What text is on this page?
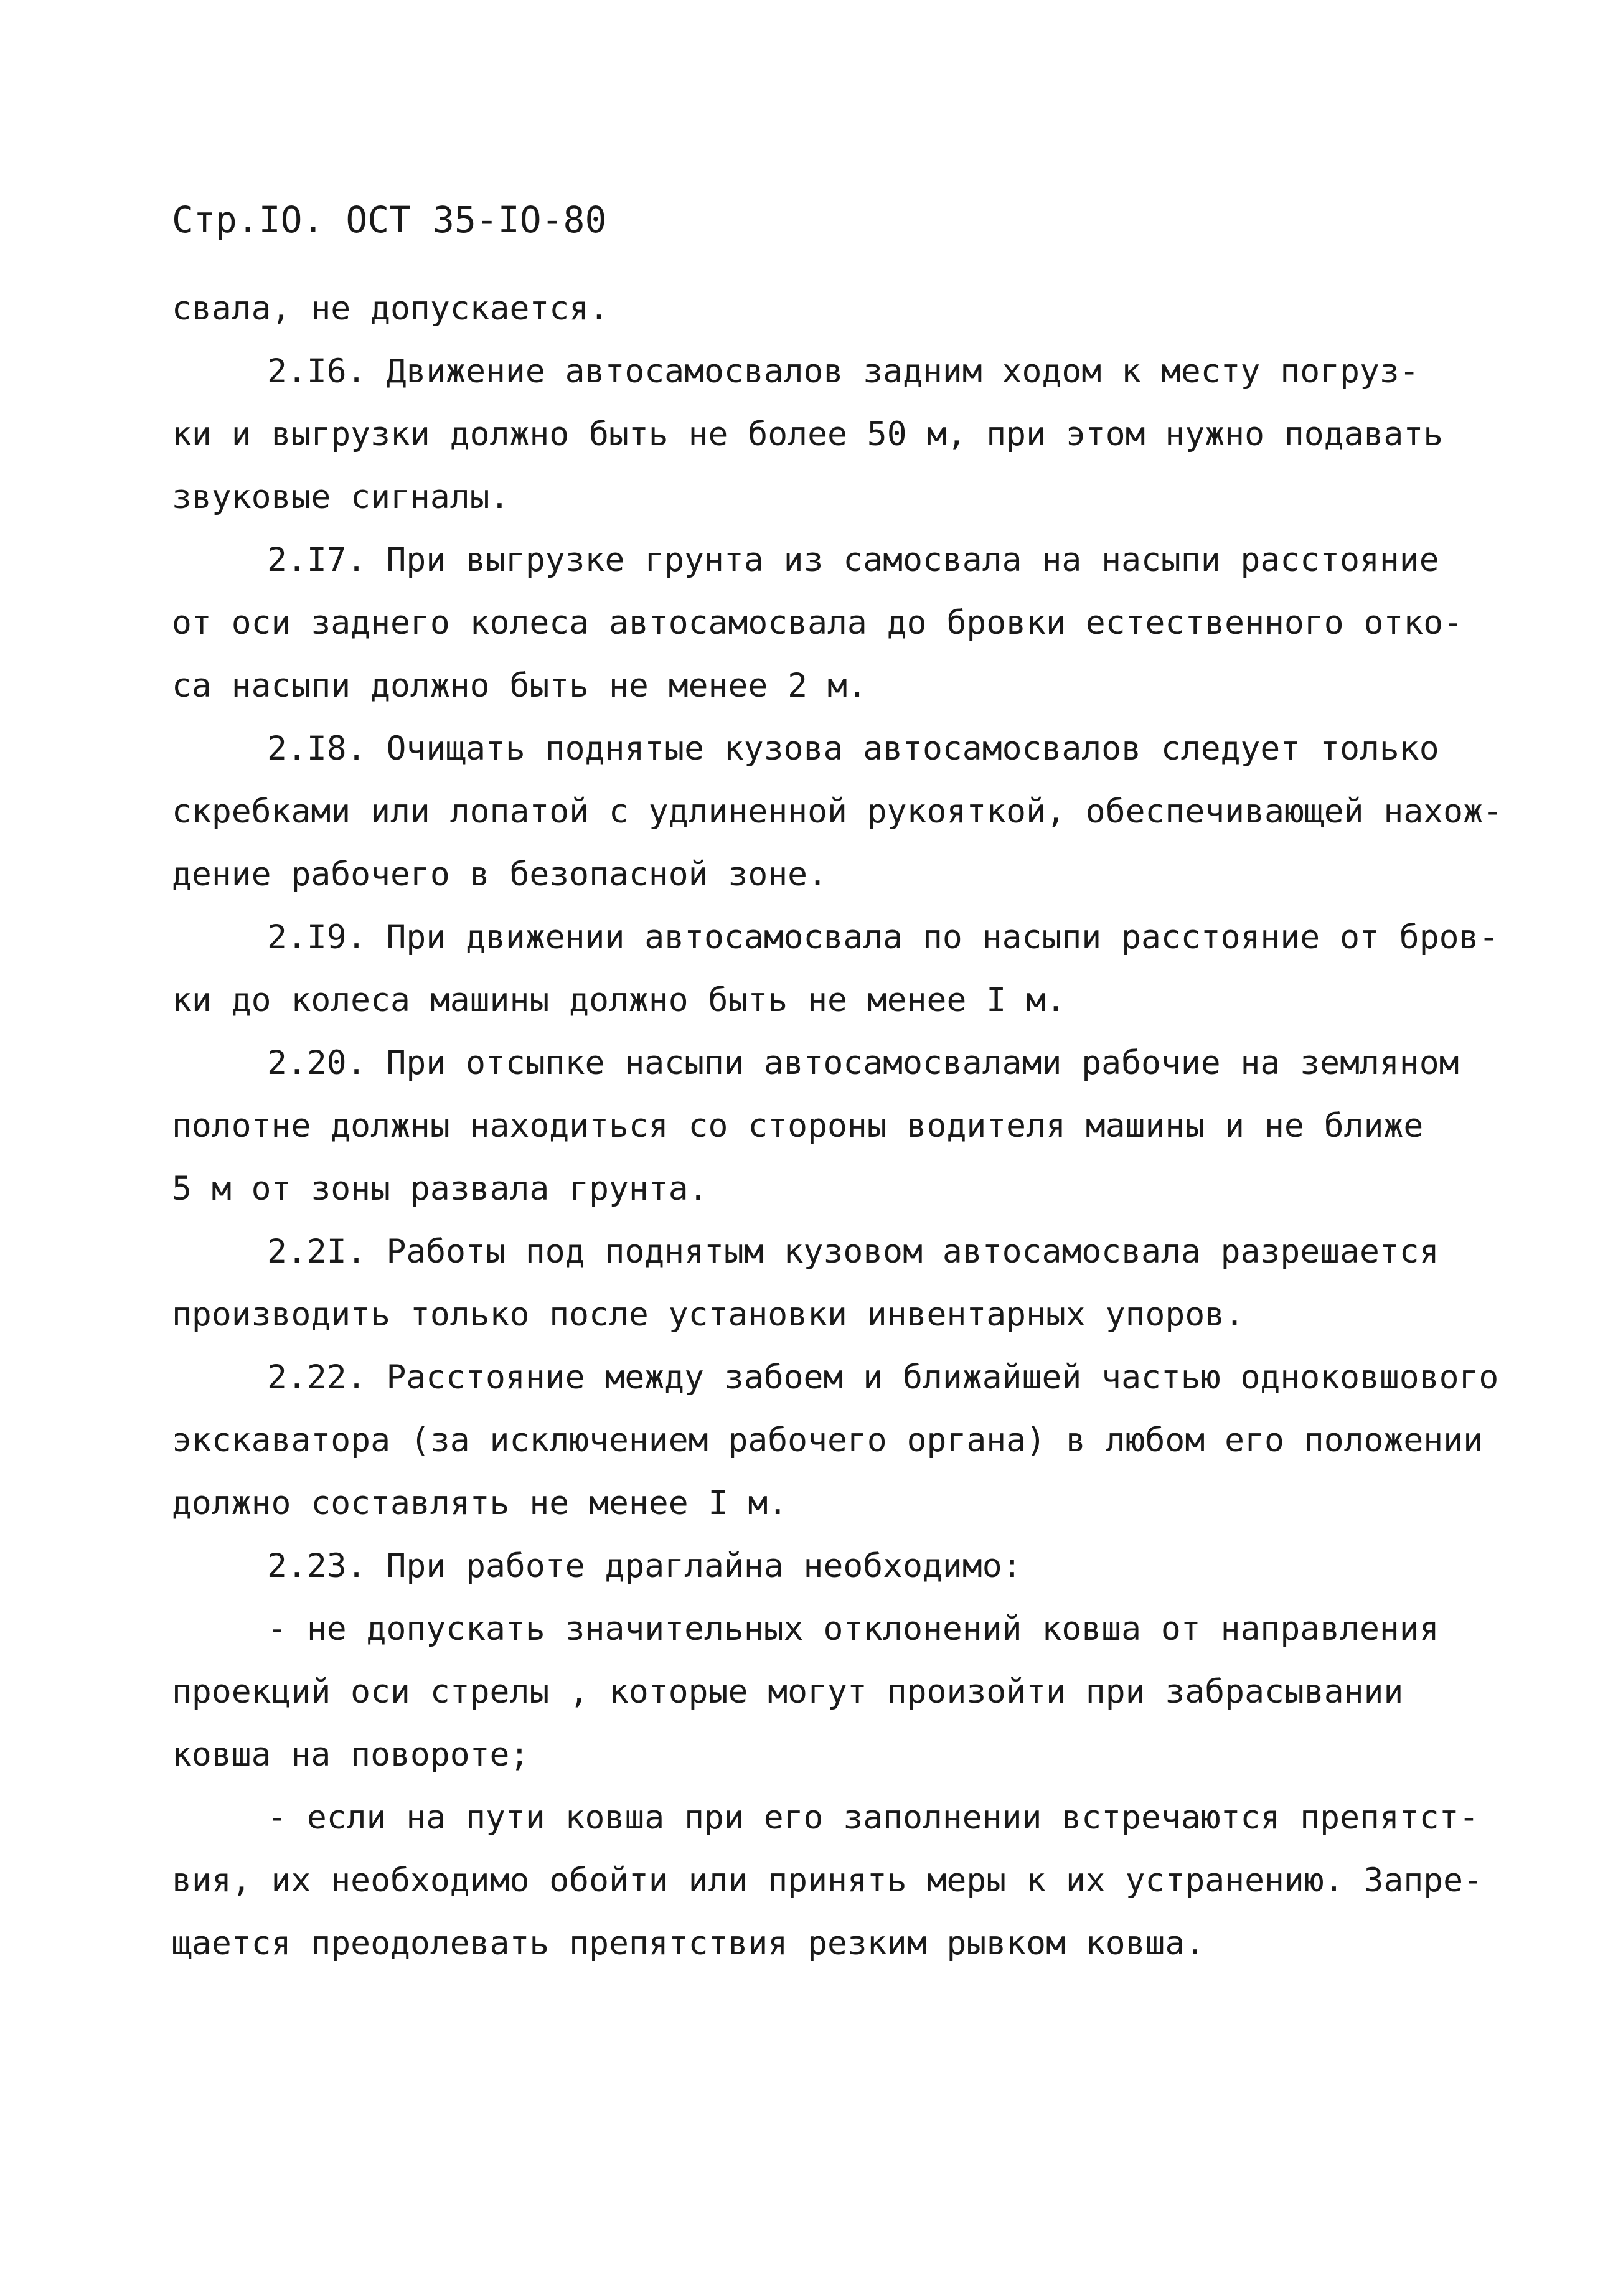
Стр.IO. ОСТ 35-IO-80
свала, не допускается.
2.I6. Движение автосамосвалов задним ходом к месту погруз-
ки и выгрузки должно быть не более 50 м, при этом нужно подавать
звуковые сигналы.
2.I7. При выгрузке грунта из самосвала на насыпи расстояние
от оси заднего колеса автосамосвала до бровки естественного отко-
са насыпи должно быть не менее 2 м.
2.I8. Очищать поднятые кузова автосамосвалов следует только
скребками или лопатой с удлиненной рукояткой, обеспечивающей нахож-
дение рабочего в безопасной зоне.
2.I9. При движении автосамосвала по насыпи расстояние от бров-
ки до колеса машины должно быть не менее I м.
2.20. При отсыпке насыпи автосамосвалами рабочие на земляном
полотне должны находиться со стороны водителя машины и не ближе
5 м от зоны развала грунта.
2.2I. Работы под поднятым кузовом автосамосвала разрешается
производить только после установки инвентарных упоров.
2.22. Расстояние между забоем и ближайшей частью одноковшового
экскаватора (за исключением рабочего органа) в любом его положении
должно составлять не менее I м.
2.23. При работе драглайна необходимо:
- не допускать значительных отклонений ковша от направления
проекций оси стрелы , которые могут произойти при забрасывании
ковша на повороте;
- если на пути ковша при его заполнении встречаются препятст-
вия, их необходимо обойти или принять меры к их устранению. Запре-
щается преодолевать препятствия резким рывком ковша.
